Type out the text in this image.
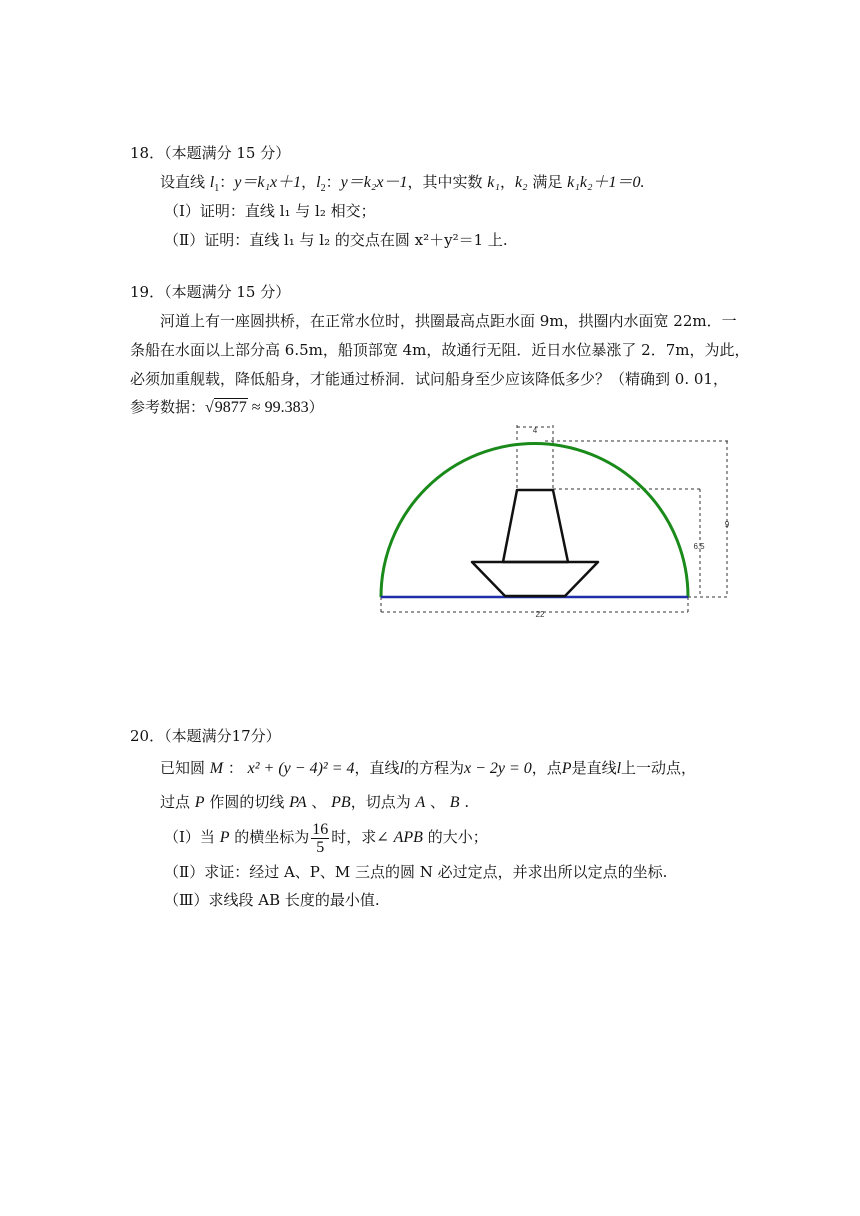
18．（本题满分 15 分）
设直线 $l_1$：y＝k₁x＋1，$l_2$：y＝k₂x－1，其中实数 k₁，k₂ 满足 k₁k₂＋1＝0.
（Ⅰ）证明：直线 l₁ 与 l₂ 相交；
（Ⅱ）证明：直线 l₁ 与 l₂ 的交点在圆 x²＋y²＝1 上.
19．（本题满分 15 分）
河道上有一座圆拱桥，在正常水位时，拱圈最高点距水面 9m，拱圈内水面宽 22m．一
条船在水面以上部分高 6.5m，船顶部宽 4m，故通行无阻．近日水位暴涨了 2．7m，为此，
必须加重舰载，降低船身，才能通过桥洞．试问船身至少应该降低多少？（精确到 0. 01，
参考数据：√9877 ≈ 99.383）
4
6.5
9
22
20．（本题满分17分）
已知圆 M ： x² + (y − 4)² = 4，直线l的方程为x − 2y = 0，点P是直线l上一动点，
过点 P 作圆的切线 PA 、 PB，切点为 A 、 B .
（Ⅰ）当 P 的横坐标为 $\frac{16}{5}$ 时，求∠ APB 的大小；
（Ⅱ）求证：经过 A、P、M 三点的圆 N 必过定点，并求出所以定点的坐标.
（Ⅲ）求线段 AB 长度的最小值.
